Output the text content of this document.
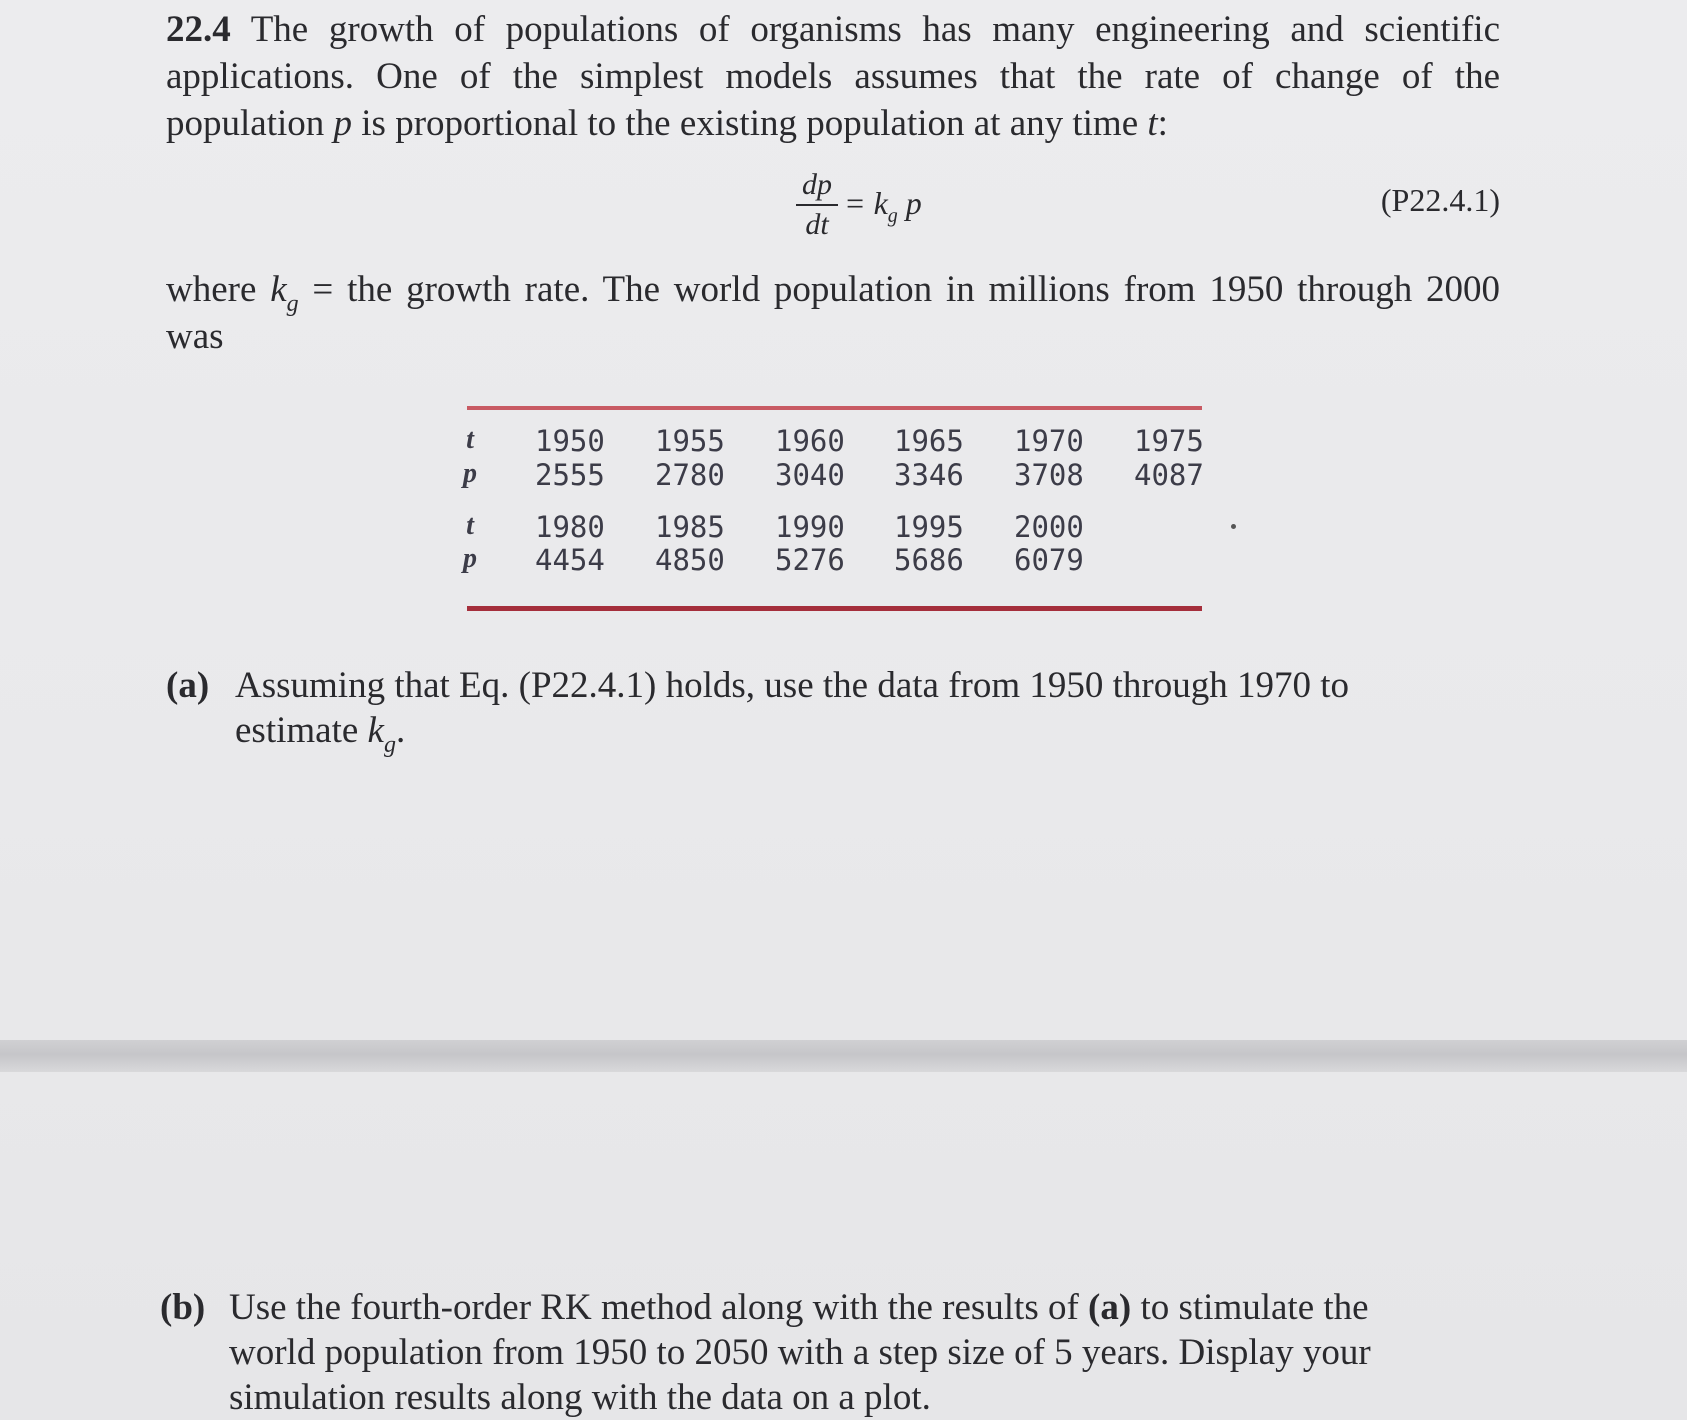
22.4 The growth of populations of organisms has many engineering and scientific applications. One of the simplest models assumes that the rate of change of the population p is proportional to the existing population at any time t:
dp
dt
= $k_g$ p	(P22.4.1)
where $k_g$ = the growth rate. The world population in millions from 1950 through 2000 was
t	1950	1955	1960	1965	1970	1975
p 2555	2780	3040	3346	3708	4087
t	1980	1985	1990	1995	2000
p 4454	4850	5276	5686	6079
(a) Assuming that Eq. (P22.4.1) holds, use the data from 1950 through 1970 to
estimate $k_g$.
(b) Use the fourth-order RK method along with the results of (a) to stimulate the
world population from 1950 to 2050 with a step size of 5 years. Display your
simulation results along with the data on a plot.
